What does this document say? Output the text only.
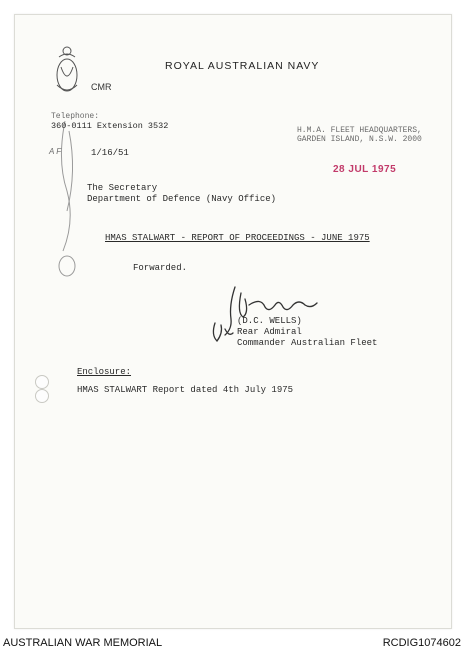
CMR
ROYAL AUSTRALIAN NAVY
Telephone:
360-0111 Extension 3532	H.M.A. FLEET HEADQUARTERS,
GARDEN ISLAND, N.S.W. 2000
A F	1/16/51
28 JUL 1975
The Secretary
Department of Defence (Navy Office)
HMAS STALWART - REPORT OF PROCEEDINGS - JUNE 1975
Forwarded.
(D.C. WELLS)
Rear Admiral
Commander Australian Fleet
Enclosure:
HMAS STALWART Report dated 4th July 1975
AUSTRALIAN WAR MEMORIAL	RCDIG1074602
